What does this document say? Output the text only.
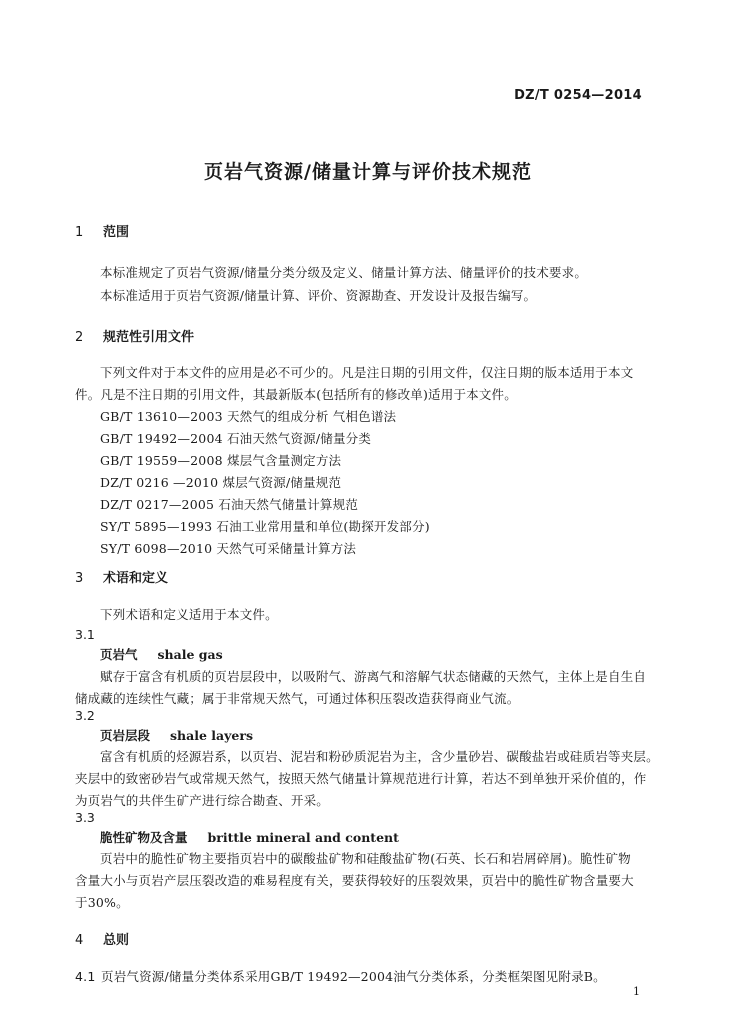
DZ/T 0254—2014
页岩气资源/储量计算与评价技术规范
1 范围
本标准规定了页岩气资源/储量分类分级及定义、储量计算方法、储量评价的技术要求。
本标准适用于页岩气资源/储量计算、评价、资源勘查、开发设计及报告编写。
2 规范性引用文件
下列文件对于本文件的应用是必不可少的。凡是注日期的引用文件，仅注日期的版本适用于本文
件。凡是不注日期的引用文件，其最新版本(包括所有的修改单)适用于本文件。
GB/T 13610—2003 天然气的组成分析 气相色谱法
GB/T 19492—2004 石油天然气资源/储量分类
GB/T 19559—2008 煤层气含量测定方法
DZ/T 0216 —2010 煤层气资源/储量规范
DZ/T 0217—2005 石油天然气储量计算规范
SY/T 5895—1993 石油工业常用量和单位(勘探开发部分)
SY/T 6098—2010 天然气可采储量计算方法
3 术语和定义
下列术语和定义适用于本文件。
3.1
页岩气 shale gas
赋存于富含有机质的页岩层段中，以吸附气、游离气和溶解气状态储藏的天然气，主体上是自生自
储成藏的连续性气藏；属于非常规天然气，可通过体积压裂改造获得商业气流。
3.2
页岩层段 shale layers
富含有机质的烃源岩系，以页岩、泥岩和粉砂质泥岩为主，含少量砂岩、碳酸盐岩或硅质岩等夹层。
夹层中的致密砂岩气或常规天然气，按照天然气储量计算规范进行计算，若达不到单独开采价值的，作
为页岩气的共伴生矿产进行综合勘查、开采。
3.3
脆性矿物及含量 brittle mineral and content
页岩中的脆性矿物主要指页岩中的碳酸盐矿物和硅酸盐矿物(石英、长石和岩屑碎屑)。脆性矿物
含量大小与页岩产层压裂改造的难易程度有关，要获得较好的压裂效果，页岩中的脆性矿物含量要大
于30%。
4 总则
4.1 页岩气资源/储量分类体系采用GB/T 19492—2004油气分类体系，分类框架图见附录B。
1
